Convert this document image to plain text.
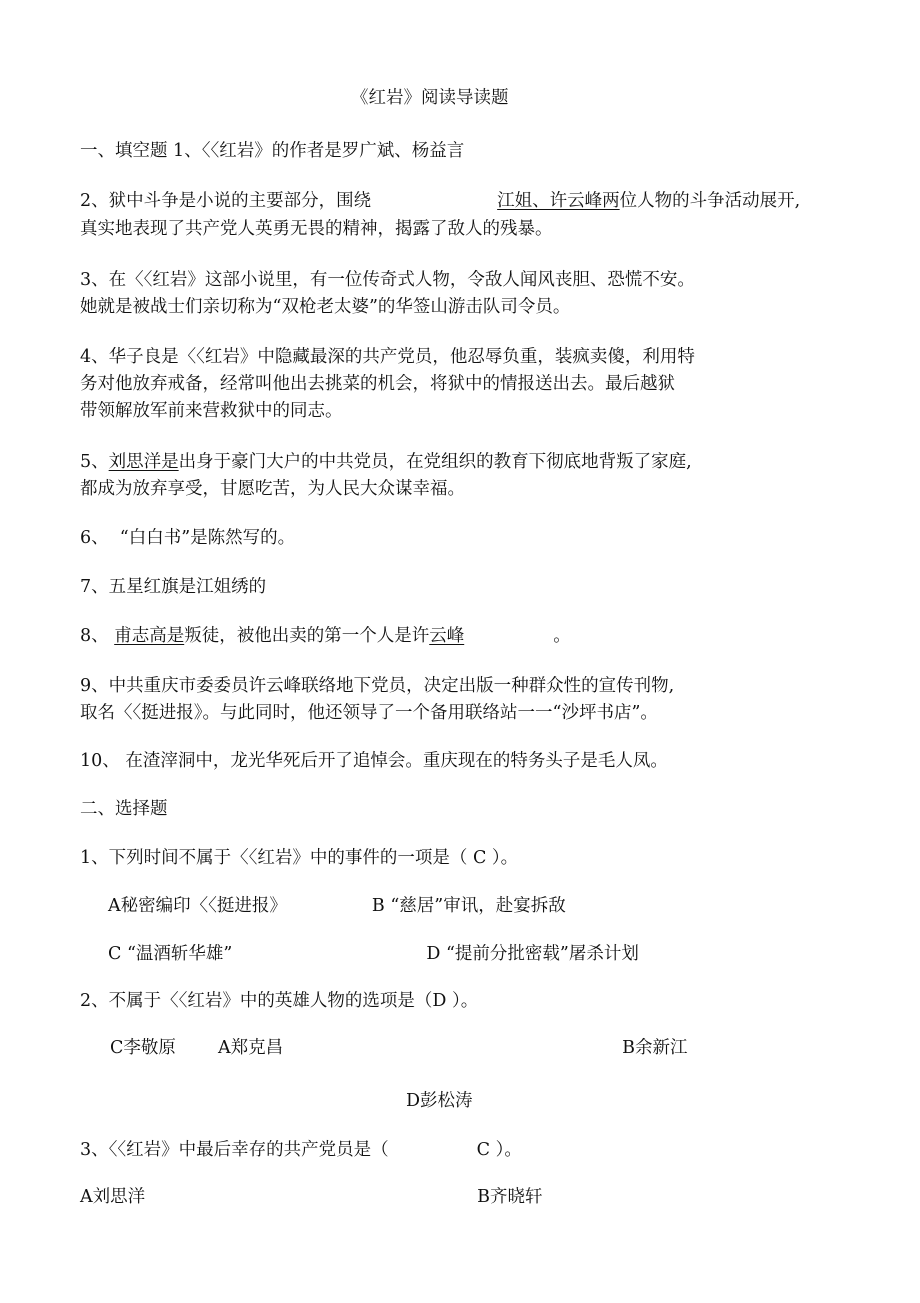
《红岩》阅读导读题
一、填空题 1、〈〈红岩》的作者是罗广斌、杨益言
2、狱中斗争是小说的主要部分，围绕	江姐、许云峰两位人物的斗争活动展开,
真实地表现了共产党人英勇无畏的精神，揭露了敌人的残暴。
3、在〈〈红岩》这部小说里，有一位传奇式人物，令敌人闻风丧胆、恐慌不安。
她就是被战士们亲切称为“双枪老太婆”的华签山游击队司令员。
4、华子良是〈〈红岩》中隐藏最深的共产党员，他忍辱负重，装疯卖傻，利用特
务对他放弃戒备，经常叫他出去挑菜的机会，将狱中的情报送出去。最后越狱
带领解放军前来营救狱中的同志。
5、刘思洋是出身于豪门大户的中共党员，在党组织的教育下彻底地背叛了家庭,
都成为放弃享受，甘愿吃苦，为人民大众谋幸福。
6、  “白白书”是陈然写的。
7、五星红旗是江姐绣的
8、 甫志高是叛徒，被他出卖的第一个人是许云峰	。
9、中共重庆市委委员许云峰联络地下党员，决定出版一种群众性的宣传刊物,
取名〈〈挺进报》。与此同时，他还领导了一个备用联络站一一“沙坪书店”。
10、 在渣滓洞中，龙光华死后开了追悼会。重庆现在的特务头子是毛人凤。
二、选择题
1、下列时间不属于〈〈红岩》中的事件的一项是（ C ）。
A秘密编印〈〈挺进报》	B “慈居”审讯，赴宴拆敌
C “温酒斩华雄”	D “提前分批密载”屠杀计划
2、不属于〈〈红岩》中的英雄人物的选项是（D ）。
C李敬原 A郑克昌	B余新江
D彭松涛
3、〈〈红岩》中最后幸存的共产党员是（	C ）。
A刘思洋	B齐晓轩
